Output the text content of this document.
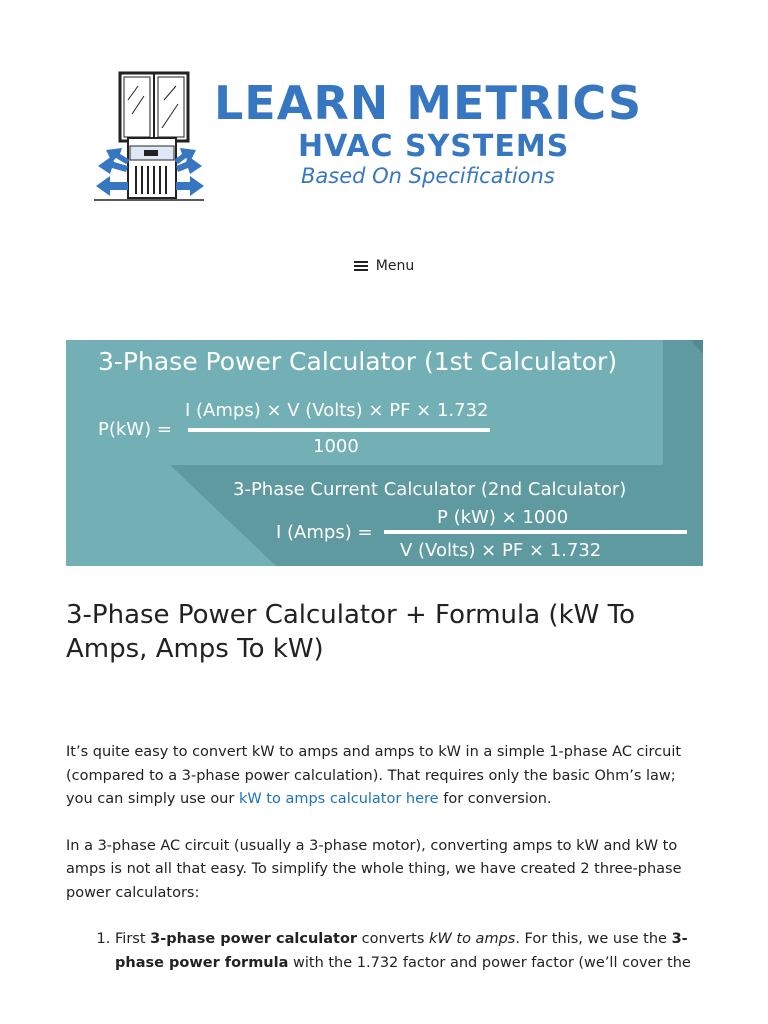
LEARN METRICS
HVAC SYSTEMS
Based On Specifications
Menu
3-Phase Power Calculator (1st Calculator)
P(kW) =
I (Amps) × V (Volts) × PF × 1.732
1000
3-Phase Current Calculator (2nd Calculator)
I (Amps) =
P (kW) × 1000
V (Volts) × PF × 1.732
3-Phase Power Calculator + Formula (kW To Amps, Amps To kW)

It’s quite easy to convert kW to amps and amps to kW in a simple 1-phase AC circuit (compared to a 3-phase power calculation). That requires only the basic Ohm’s law; you can simply use our kW to amps calculator here for conversion.

In a 3-phase AC circuit (usually a 3-phase motor), converting amps to kW and kW to amps is not all that easy. To simplify the whole thing, we have created 2 three-phase power calculators:

1. First 3-phase power calculator converts kW to amps. For this, we use the 3-phase power formula with the 1.732 factor and power factor (we’ll cover the
